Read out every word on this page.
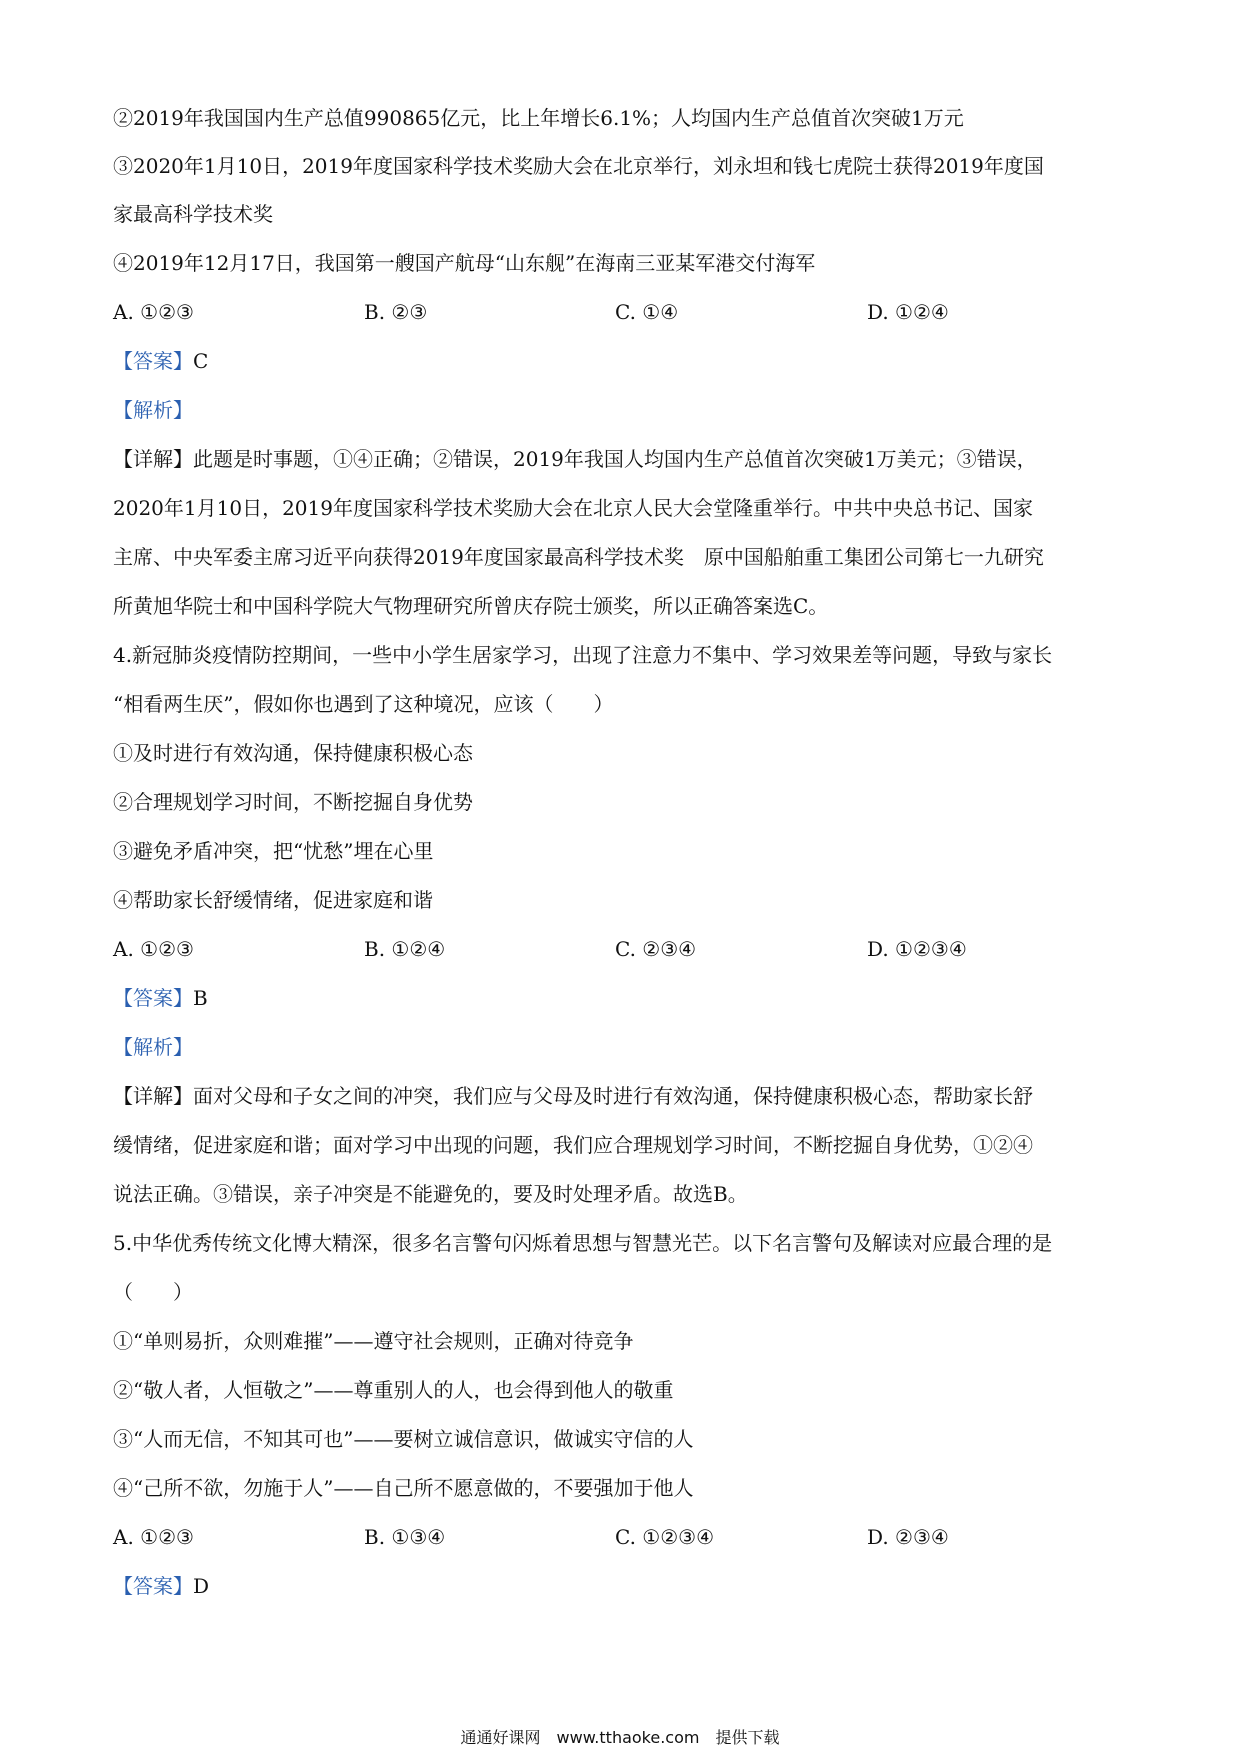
②2019年我国国内生产总值990865亿元，比上年增长6.1%；人均国内生产总值首次突破1万元
③2020年1月10日，2019年度国家科学技术奖励大会在北京举行，刘永坦和钱七虎院士获得2019年度国
家最高科学技术奖
④2019年12月17日，我国第一艘国产航母“山东舰”在海南三亚某军港交付海军
A. ①②③	B. ②③	C. ①④	D. ①②④
【答案】C
【解析】
【详解】此题是时事题，①④正确；②错误，2019年我国人均国内生产总值首次突破1万美元；③错误，
2020年1月10日，2019年度国家科学技术奖励大会在北京人民大会堂隆重举行。中共中央总书记、国家
主席、中央军委主席习近平向获得2019年度国家最高科学技术奖　原中国船舶重工集团公司第七一九研究
所黄旭华院士和中国科学院大气物理研究所曾庆存院士颁奖，所以正确答案选C。
4.新冠肺炎疫情防控期间，一些中小学生居家学习，出现了注意力不集中、学习效果差等问题，导致与家长
“相看两生厌”，假如你也遇到了这种境况，应该（　　）
①及时进行有效沟通，保持健康积极心态
②合理规划学习时间，不断挖掘自身优势
③避免矛盾冲突，把“忧愁”埋在心里
④帮助家长舒缓情绪，促进家庭和谐
A. ①②③	B. ①②④	C. ②③④	D. ①②③④
【答案】B
【解析】
【详解】面对父母和子女之间的冲突，我们应与父母及时进行有效沟通，保持健康积极心态，帮助家长舒
缓情绪，促进家庭和谐；面对学习中出现的问题，我们应合理规划学习时间，不断挖掘自身优势，①②④
说法正确。③错误，亲子冲突是不能避免的，要及时处理矛盾。故选B。
5.中华优秀传统文化博大精深，很多名言警句闪烁着思想与智慧光芒。以下名言警句及解读对应最合理的是
（　　）
①“单则易折，众则难摧”——遵守社会规则，正确对待竞争
②“敬人者，人恒敬之”——尊重别人的人，也会得到他人的敬重
③“人而无信，不知其可也”——要树立诚信意识，做诚实守信的人
④“己所不欲，勿施于人”——自己所不愿意做的，不要强加于他人
A. ①②③	B. ①③④	C. ①②③④	D. ②③④
【答案】D
通通好课网　www.tthaoke.com　提供下载
